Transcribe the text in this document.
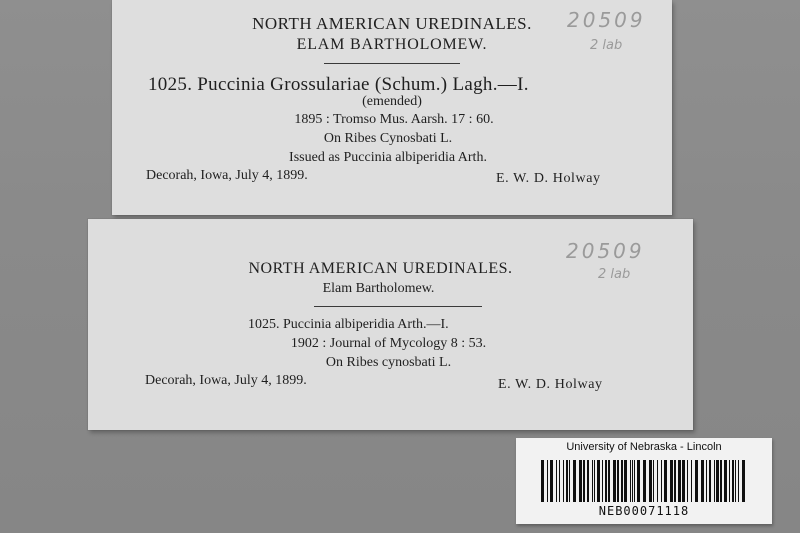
NORTH AMERICAN UREDINALES.
ELAM BARTHOLOMEW.
1025. Puccinia Grossulariae (Schum.) Lagh.—I.
(emended)
1895 : Tromso Mus. Aarsh. 17 : 60.
On Ribes Cynosbati L.
Issued as Puccinia albiperidia Arth.
Decorah, Iowa, July 4, 1899.	E. W. D. Holway
20509
2 lab
NORTH AMERICAN UREDINALES.
Elam Bartholomew.
1025. Puccinia albiperidia Arth.—I.
1902 : Journal of Mycology 8 : 53.
On Ribes cynosbati L.
Decorah, Iowa, July 4, 1899.	E. W. D. Holway
20509
2 lab
University of Nebraska - Lincoln
NEB00071118
